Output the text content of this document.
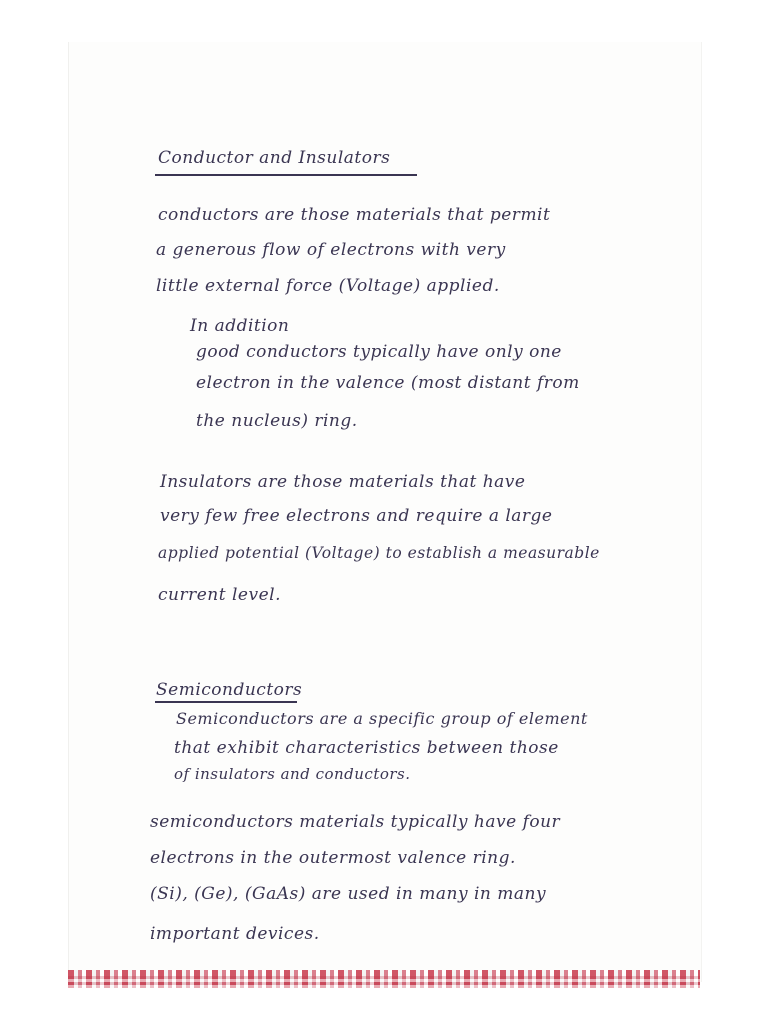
Conductor and Insulators
conductors are those materials that permit
a generous flow of electrons with very
little external force (Voltage) applied.
In addition
good conductors typically have only one
electron in the valence (most distant from
the nucleus) ring.
Insulators are those materials that have
very few free electrons and require a large
applied potential (Voltage) to establish a measurable
current level.
Semiconductors
Semiconductors are a specific group of element
that exhibit characteristics between those
of insulators and conductors.
semiconductors materials typically have four
electrons in the outermost valence ring.
(Si), (Ge), (GaAs) are used in many in many
important devices.
